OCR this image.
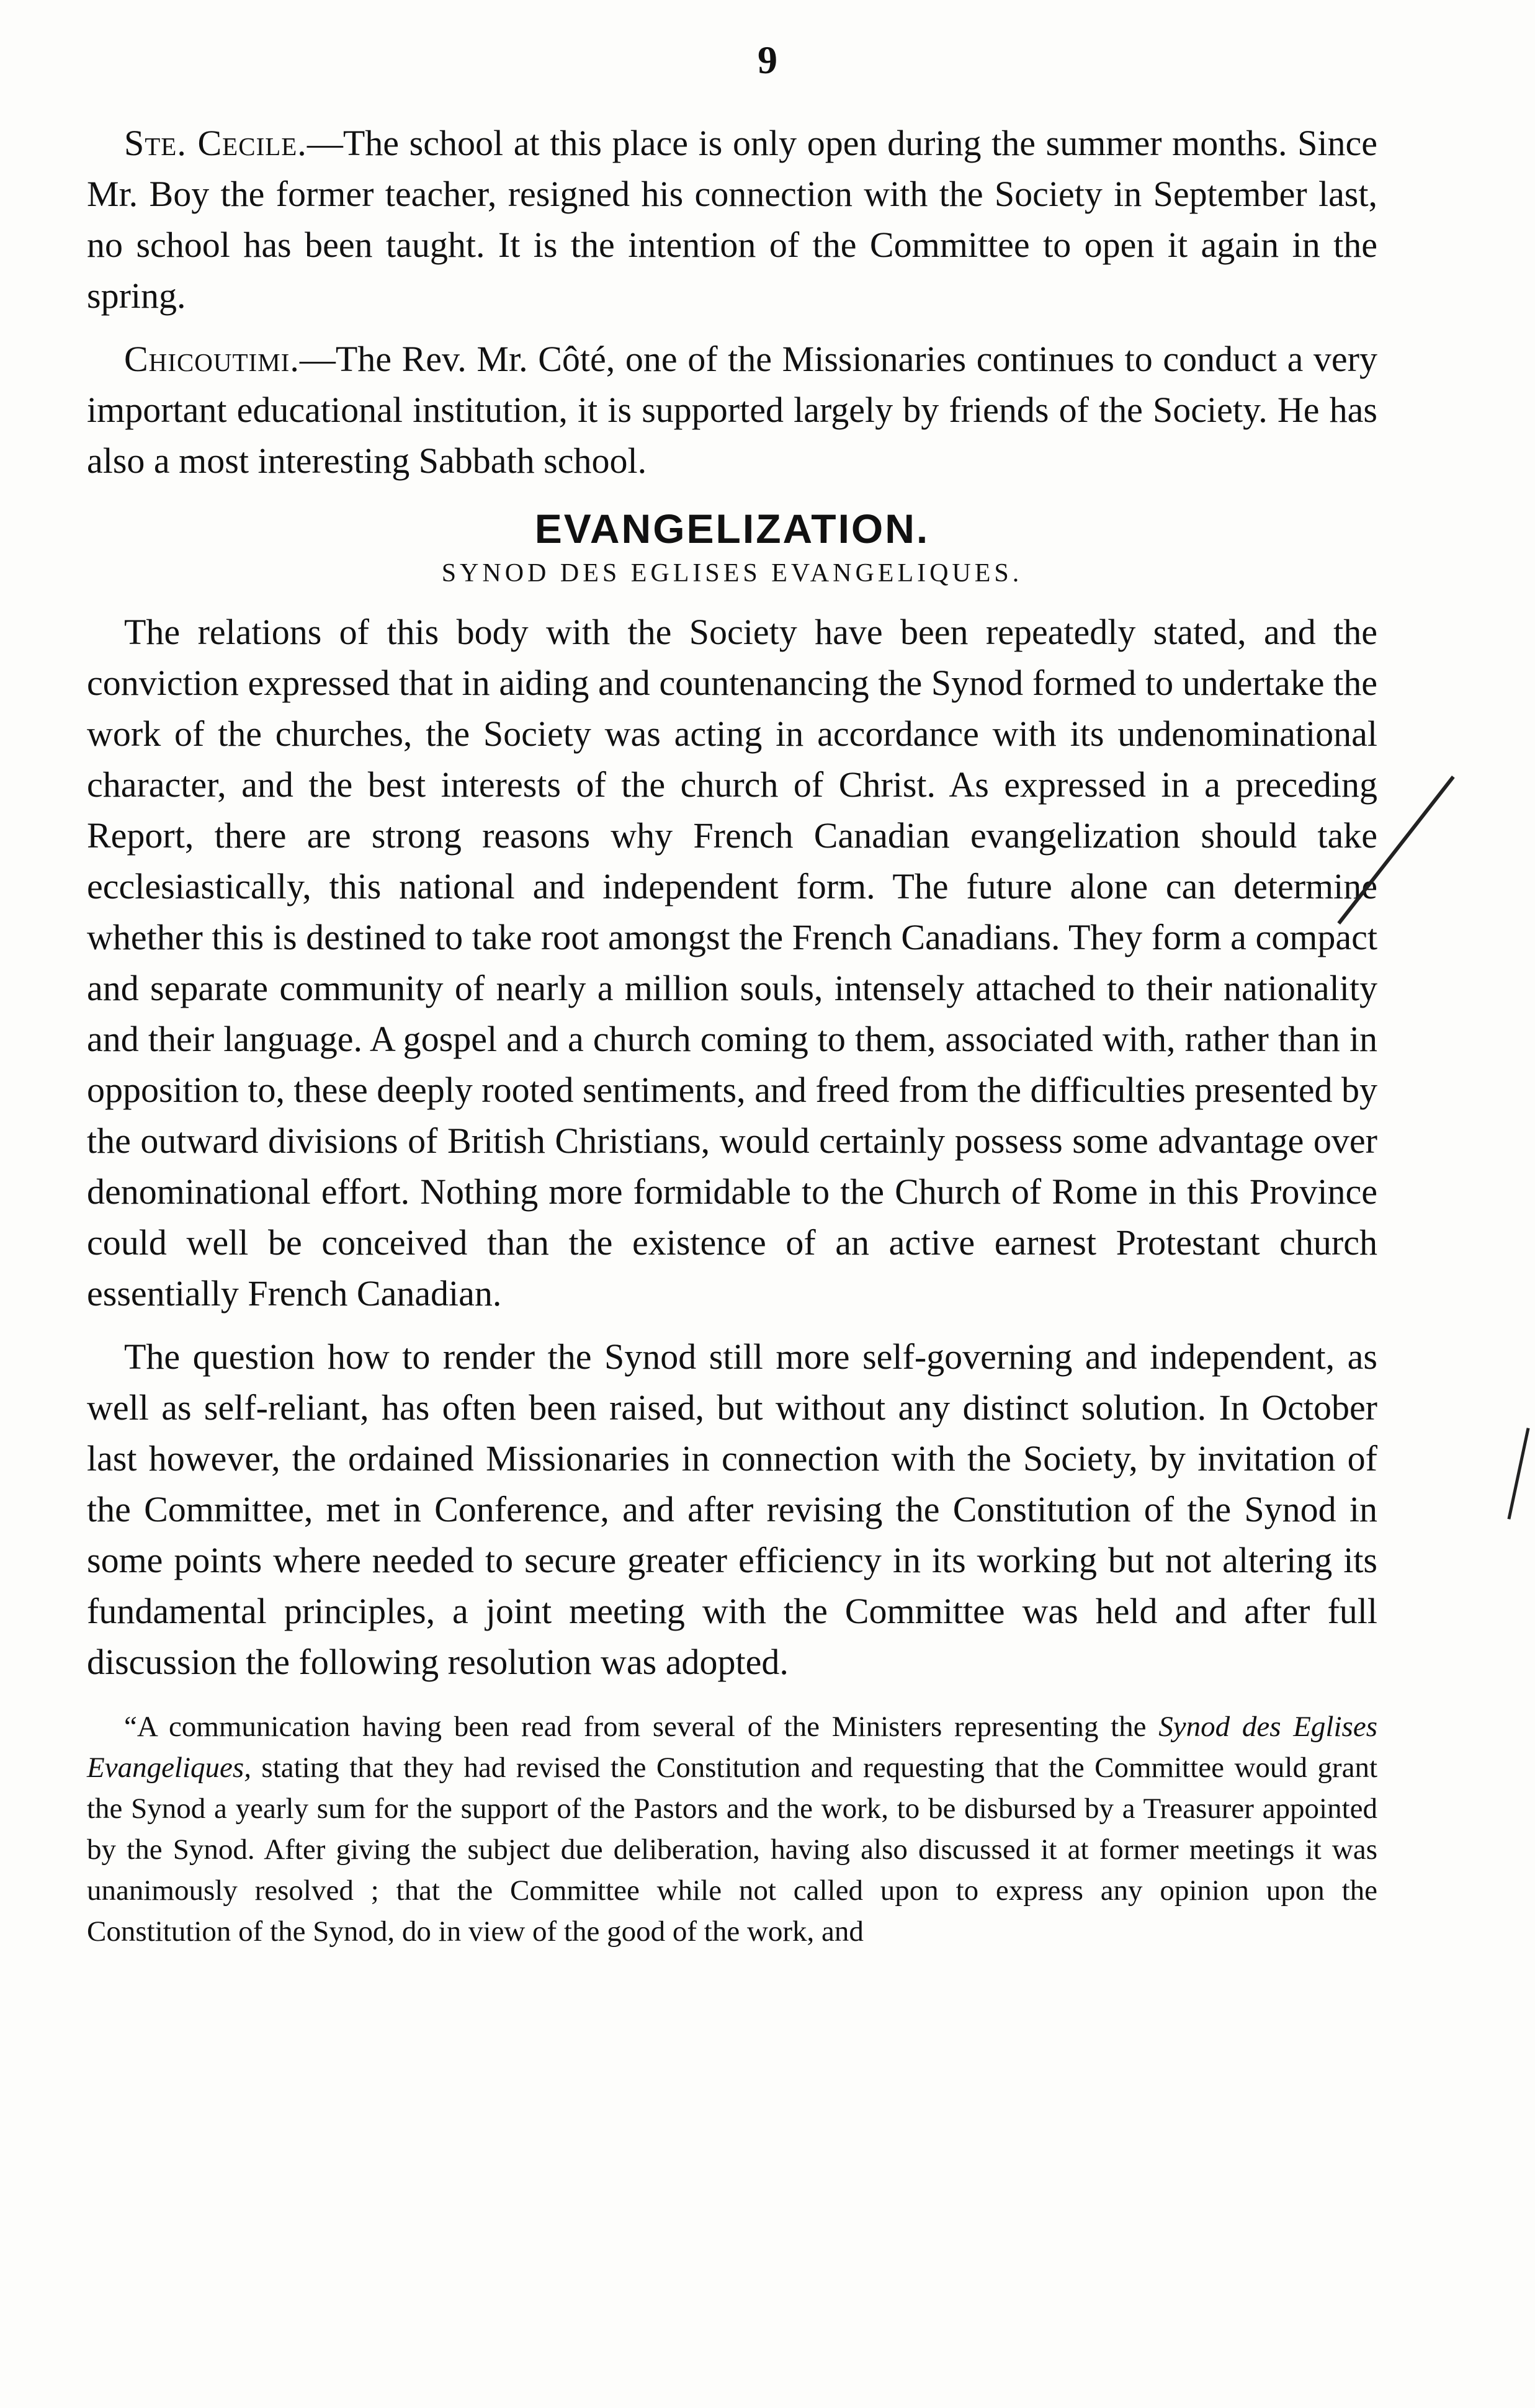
9

Ste. Cecile.—The school at this place is only open during the summer months. Since Mr. Boy the former teacher, resigned his connection with the Society in September last, no school has been taught. It is the intention of the Committee to open it again in the spring.

Chicoutimi.—The Rev. Mr. Côté, one of the Missionaries continues to conduct a very important educational institution, it is supported largely by friends of the Society. He has also a most interesting Sabbath school.

EVANGELIZATION.
SYNOD DES EGLISES EVANGELIQUES.

The relations of this body with the Society have been repeatedly stated, and the conviction expressed that in aiding and countenancing the Synod formed to undertake the work of the churches, the Society was acting in accordance with its undenominational character, and the best interests of the church of Christ. As expressed in a preceding Report, there are strong reasons why French Canadian evangelization should take ecclesiastically, this national and independent form. The future alone can determine whether this is destined to take root amongst the French Canadians. They form a compact and separate community of nearly a million souls, intensely attached to their nationality and their language. A gospel and a church coming to them, associated with, rather than in opposition to, these deeply rooted sentiments, and freed from the difficulties presented by the outward divisions of British Christians, would certainly possess some advantage over denominational effort. Nothing more formidable to the Church of Rome in this Province could well be conceived than the existence of an active earnest Protestant church essentially French Canadian.

The question how to render the Synod still more self-governing and independent, as well as self-reliant, has often been raised, but without any distinct solution. In October last however, the ordained Missionaries in connection with the Society, by invitation of the Committee, met in Conference, and after revising the Constitution of the Synod in some points where needed to secure greater efficiency in its working but not altering its fundamental principles, a joint meeting with the Committee was held and after full discussion the following resolution was adopted.

“A communication having been read from several of the Ministers representing the Synod des Eglises Evangeliques, stating that they had revised the Constitution and requesting that the Committee would grant the Synod a yearly sum for the support of the Pastors and the work, to be disbursed by a Treasurer appointed by the Synod. After giving the subject due deliberation, having also discussed it at former meetings it was unanimously resolved ; that the Committee while not called upon to express any opinion upon the Constitution of the Synod, do in view of the good of the work, and
